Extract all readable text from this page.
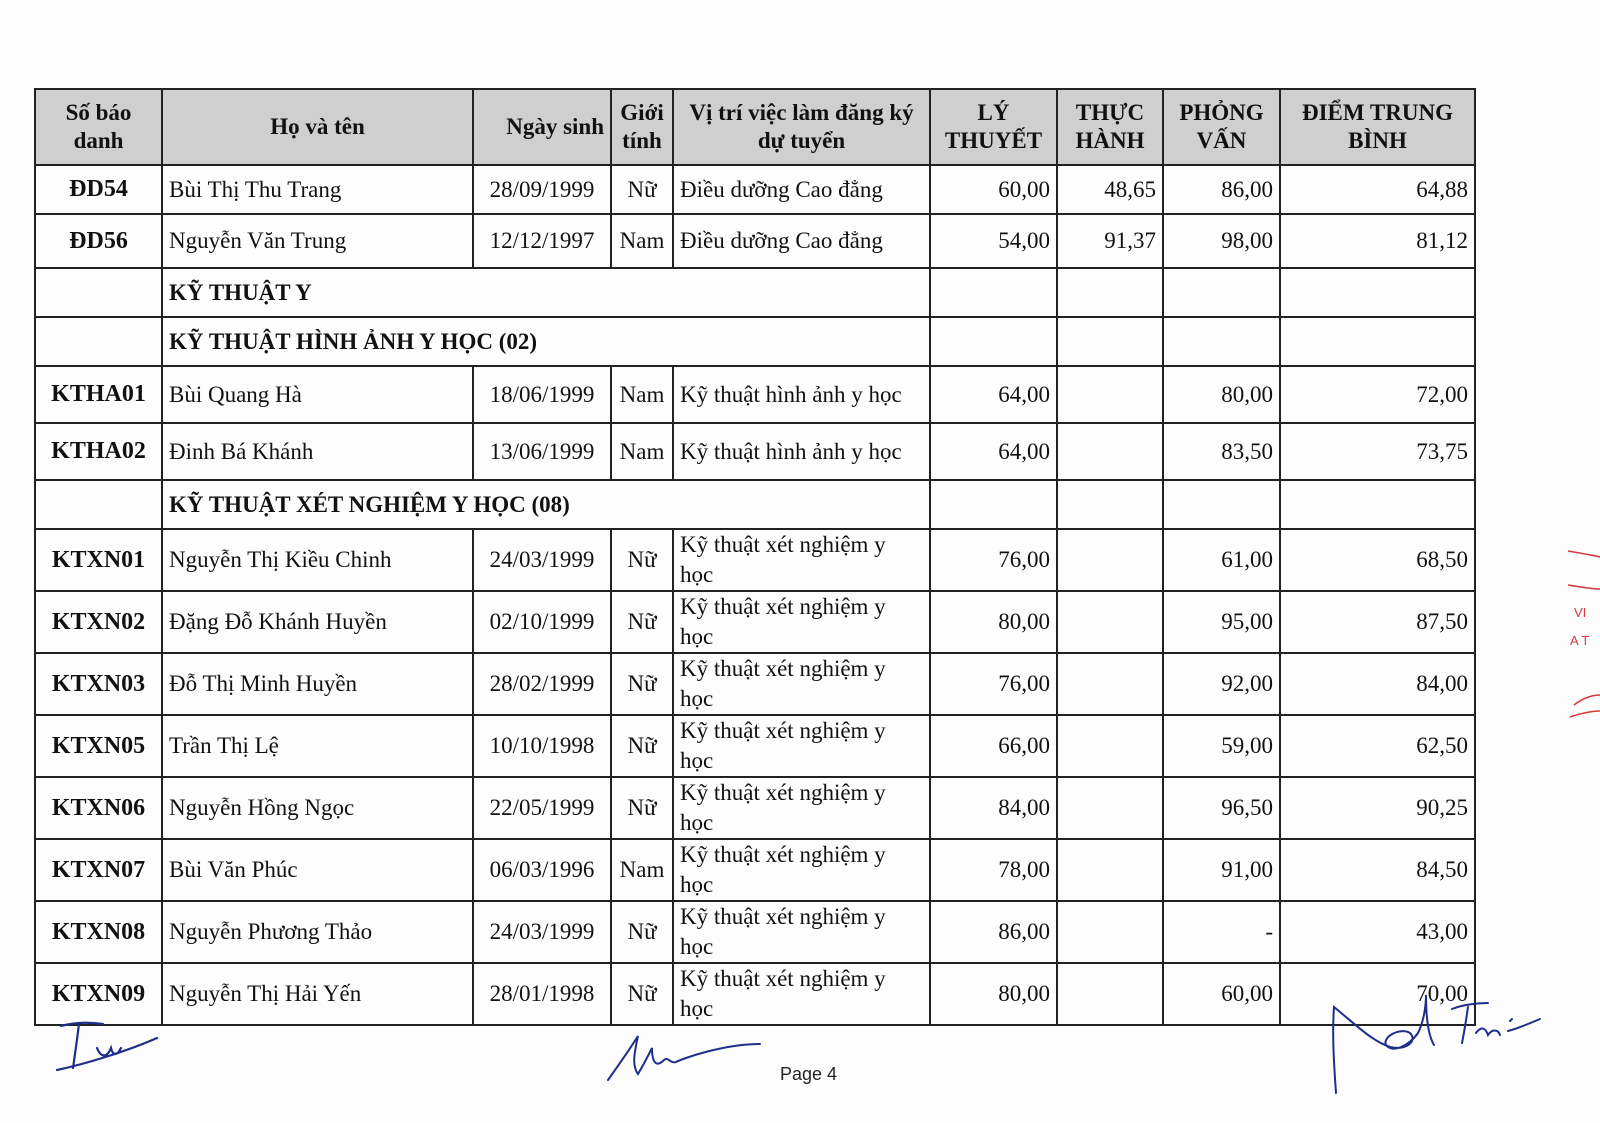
Số báo danh	Họ và tên	Ngày sinh	Giới tính	Vị trí việc làm đăng ký dự tuyển	LÝ THUYẾT	THỰC HÀNH	PHỎNG VẤN	ĐIỂM TRUNG BÌNH
ĐD54	Bùi Thị Thu Trang	28/09/1999	Nữ	Điều dưỡng Cao đẳng	60,00	48,65	86,00	64,88
ĐD56	Nguyễn Văn Trung	12/12/1997	Nam	Điều dưỡng Cao đẳng	54,00	91,37	98,00	81,12
	KỸ THUẬT Y							
	KỸ THUẬT HÌNH ẢNH Y HỌC (02)							
KTHA01	Bùi Quang Hà	18/06/1999	Nam	Kỹ thuật hình ảnh y học	64,00		80,00	72,00
KTHA02	Đinh Bá Khánh	13/06/1999	Nam	Kỹ thuật hình ảnh y học	64,00		83,50	73,75
	KỸ THUẬT XÉT NGHIỆM Y HỌC (08)							
KTXN01	Nguyễn Thị Kiều Chinh	24/03/1999	Nữ	Kỹ thuật xét nghiệm y học	76,00		61,00	68,50
KTXN02	Đặng Đỗ Khánh Huyền	02/10/1999	Nữ	Kỹ thuật xét nghiệm y học	80,00		95,00	87,50
KTXN03	Đỗ Thị Minh Huyền	28/02/1999	Nữ	Kỹ thuật xét nghiệm y học	76,00		92,00	84,00
KTXN05	Trần Thị Lệ	10/10/1998	Nữ	Kỹ thuật xét nghiệm y học	66,00		59,00	62,50
KTXN06	Nguyễn Hồng Ngọc	22/05/1999	Nữ	Kỹ thuật xét nghiệm y học	84,00		96,50	90,25
KTXN07	Bùi Văn Phúc	06/03/1996	Nam	Kỹ thuật xét nghiệm y học	78,00		91,00	84,50
KTXN08	Nguyễn Phương Thảo	24/03/1999	Nữ	Kỹ thuật xét nghiệm y học	86,00		-	43,00
KTXN09	Nguyễn Thị Hải Yến	28/01/1998	Nữ	Kỹ thuật xét nghiệm y học	80,00		60,00	70,00
VI
A T
Page 4
